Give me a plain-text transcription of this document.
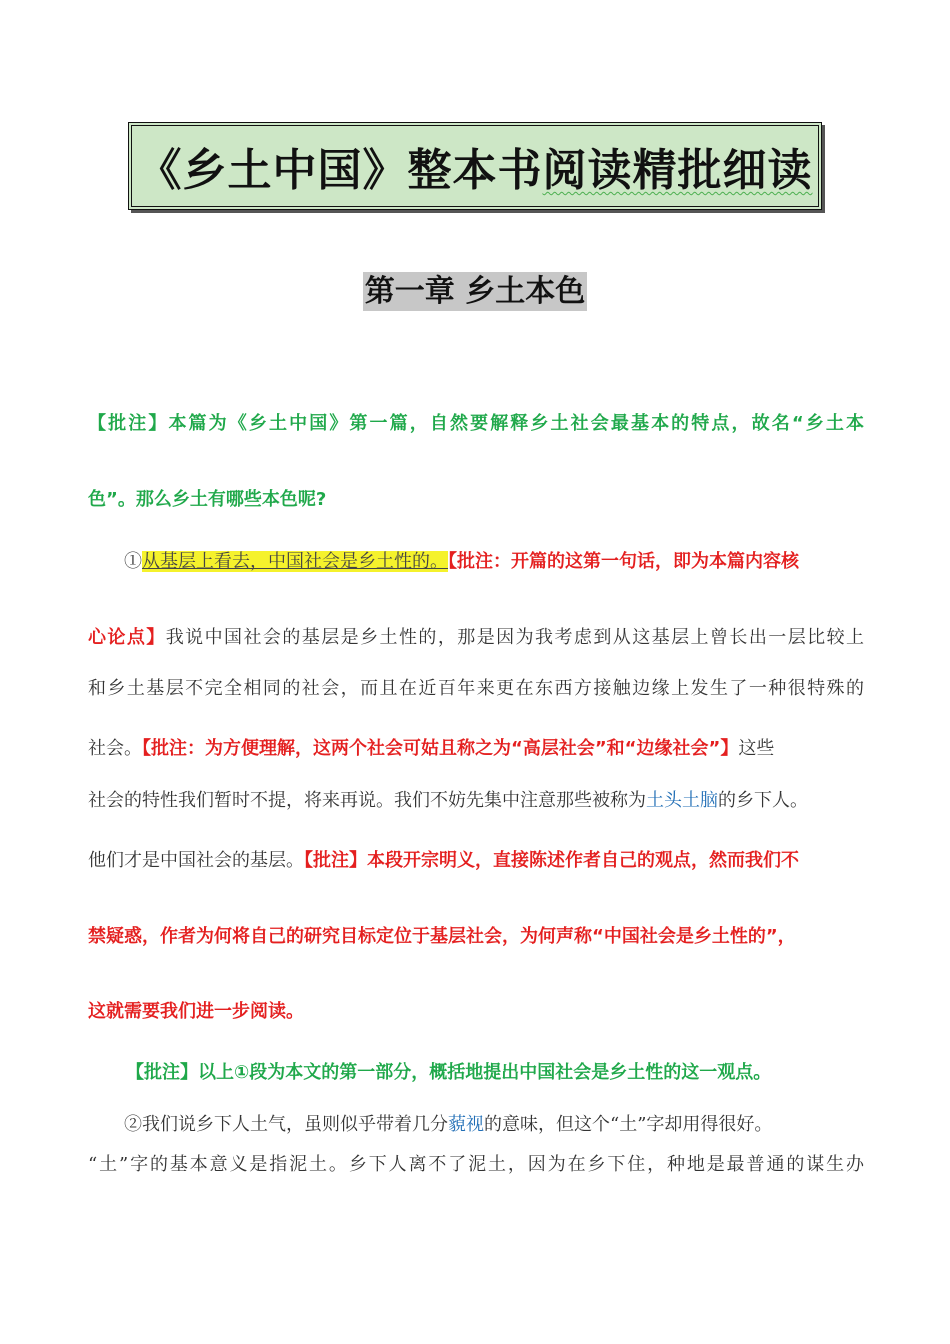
《乡土中国》整本书阅读精批细读
第一章 乡土本色
【批注】本篇为《乡土中国》第一篇，自然要解释乡土社会最基本的特点，故名“乡土本
色”。那么乡土有哪些本色呢?
①从基层上看去，中国社会是乡土性的。【批注：开篇的这第一句话，即为本篇内容核
心论点】我说中国社会的基层是乡土性的，那是因为我考虑到从这基层上曾长出一层比较上
和乡土基层不完全相同的社会，而且在近百年来更在东西方接触边缘上发生了一种很特殊的
社会。【批注：为方便理解，这两个社会可姑且称之为“高层社会”和“边缘社会”】这些
社会的特性我们暂时不提，将来再说。我们不妨先集中注意那些被称为土头土脑的乡下人。
他们才是中国社会的基层。【批注】本段开宗明义，直接陈述作者自己的观点，然而我们不
禁疑惑，作者为何将自己的研究目标定位于基层社会，为何声称“中国社会是乡土性的”，
这就需要我们进一步阅读。
【批注】以上①段为本文的第一部分，概括地提出中国社会是乡土性的这一观点。
②我们说乡下人土气，虽则似乎带着几分藐视的意味，但这个“土”字却用得很好。
“土”字的基本意义是指泥土。乡下人离不了泥土，因为在乡下住，种地是最普通的谋生办
